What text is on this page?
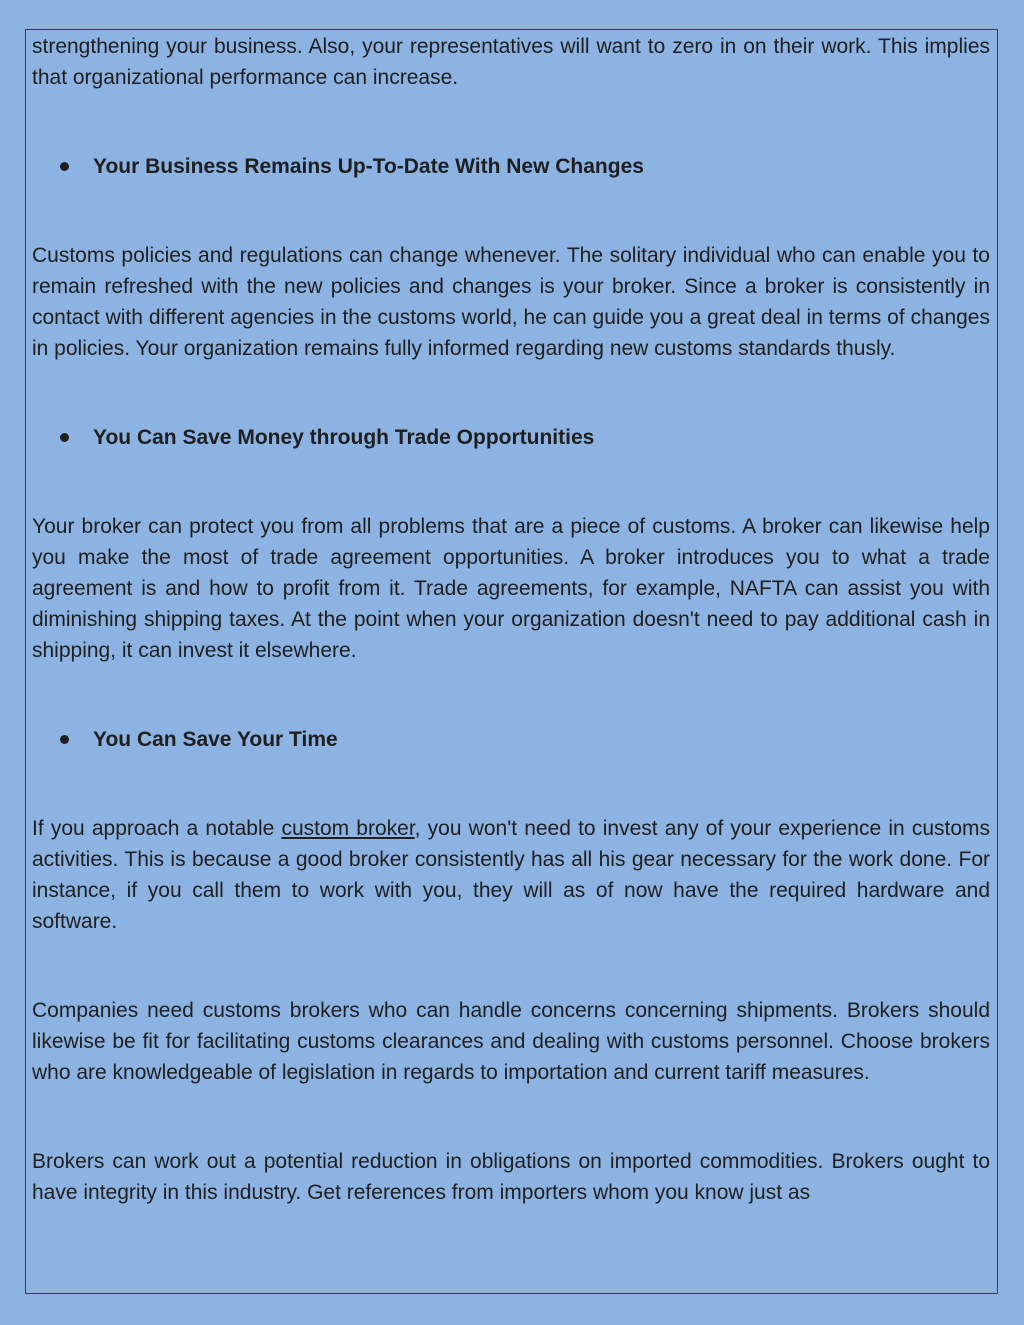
strengthening your business. Also, your representatives will want to zero in on their work. This implies that organizational performance can increase.

Your Business Remains Up-To-Date With New Changes

Customs policies and regulations can change whenever. The solitary individual who can enable you to remain refreshed with the new policies and changes is your broker. Since a broker is consistently in contact with different agencies in the customs world, he can guide you a great deal in terms of changes in policies. Your organization remains fully informed regarding new customs standards thusly.

You Can Save Money through Trade Opportunities

Your broker can protect you from all problems that are a piece of customs. A broker can likewise help you make the most of trade agreement opportunities. A broker introduces you to what a trade agreement is and how to profit from it. Trade agreements, for example, NAFTA can assist you with diminishing shipping taxes. At the point when your organization doesn't need to pay additional cash in shipping, it can invest it elsewhere.

You Can Save Your Time

If you approach a notable custom broker, you won't need to invest any of your experience in customs activities. This is because a good broker consistently has all his gear necessary for the work done. For instance, if you call them to work with you, they will as of now have the required hardware and software.

Companies need customs brokers who can handle concerns concerning shipments. Brokers should likewise be fit for facilitating customs clearances and dealing with customs personnel. Choose brokers who are knowledgeable of legislation in regards to importation and current tariff measures.

Brokers can work out a potential reduction in obligations on imported commodities. Brokers ought to have integrity in this industry. Get references from importers whom you know just as
